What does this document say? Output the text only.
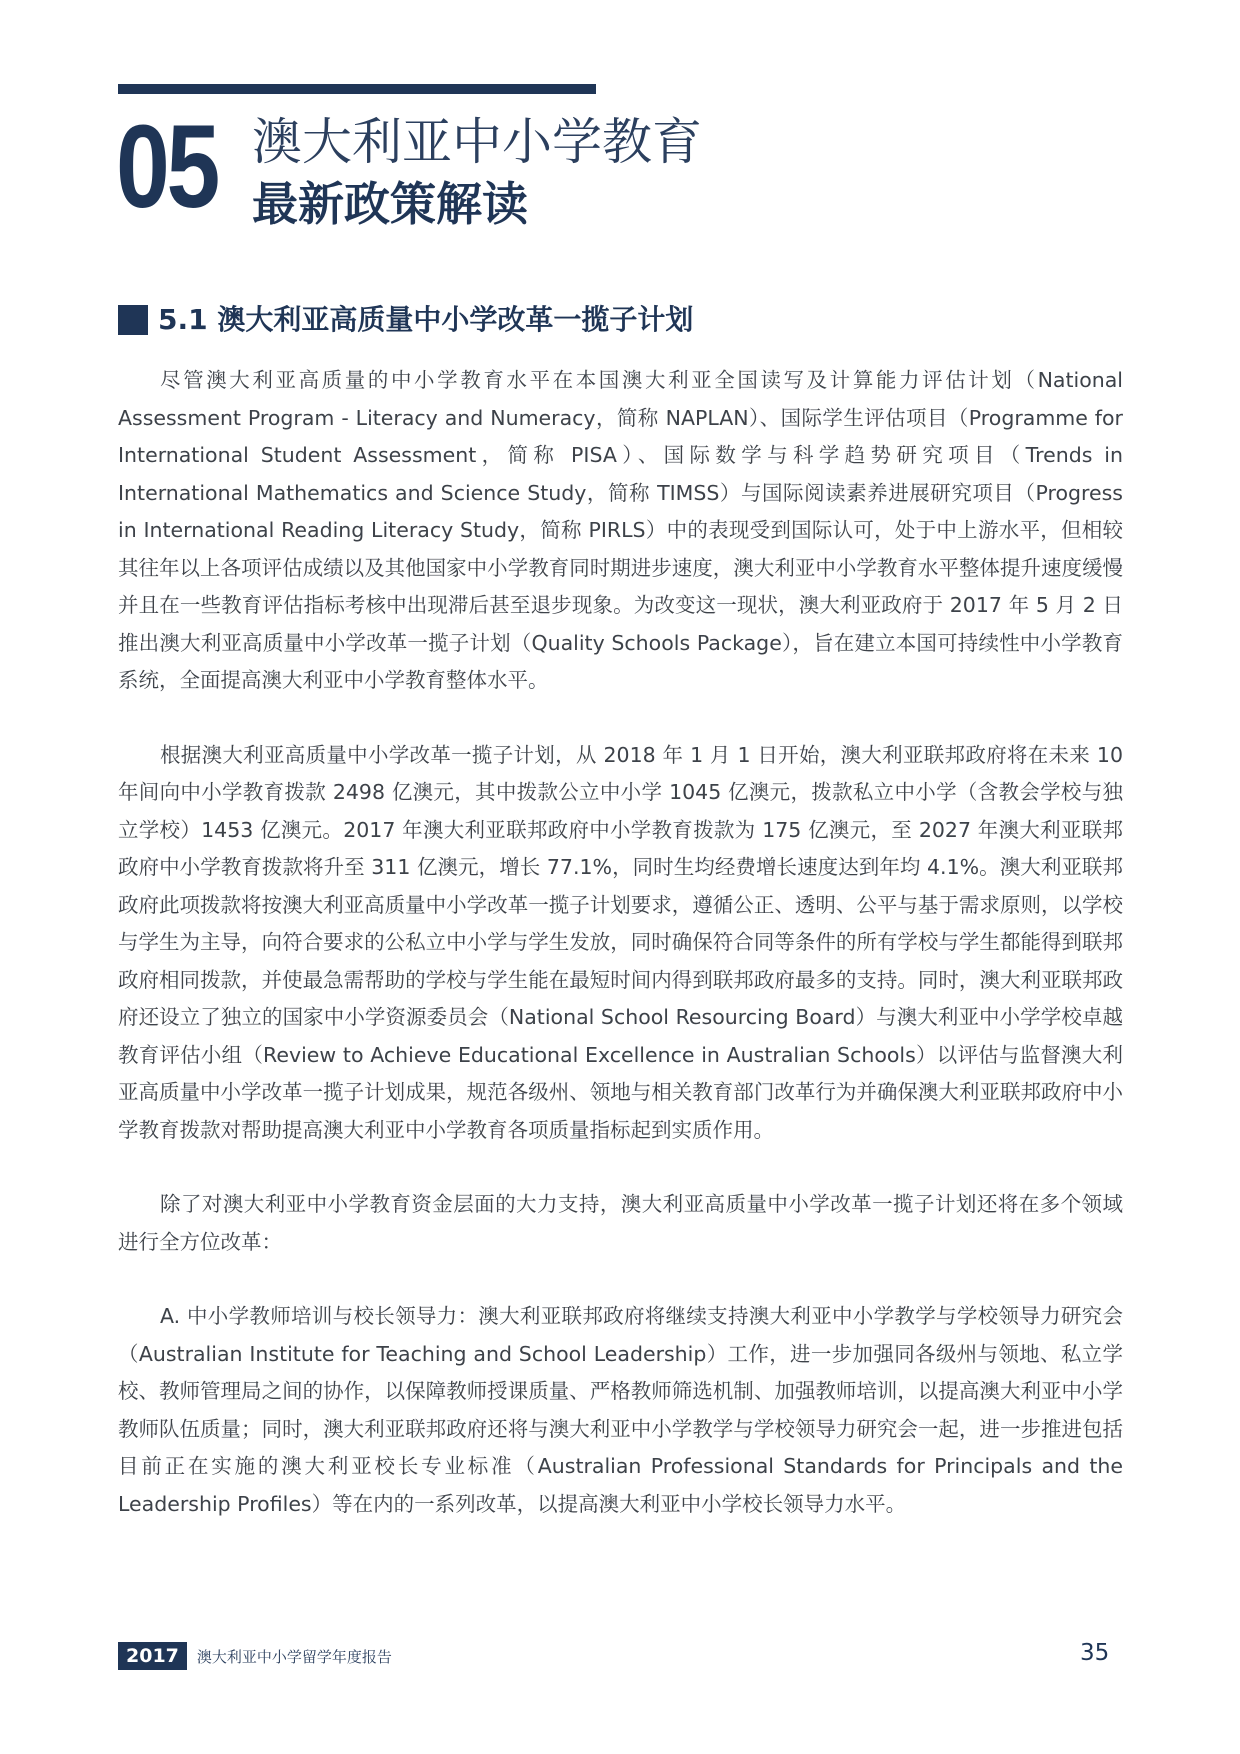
05 澳大利亚中小学教育
最新政策解读
5.1 澳大利亚高质量中小学改革一揽子计划

尽管澳大利亚高质量的中小学教育水平在本国澳大利亚全国读写及计算能力评估计划（National Assessment Program - Literacy and Numeracy，简称 NAPLAN）、国际学生评估项目（Programme for International Student Assessment，简称 PISA）、国际数学与科学趋势研究项目（Trends in International Mathematics and Science Study，简称 TIMSS）与国际阅读素养进展研究项目（Progress in International Reading Literacy Study，简称 PIRLS）中的表现受到国际认可，处于中上游水平，但相较其往年以上各项评估成绩以及其他国家中小学教育同时期进步速度，澳大利亚中小学教育水平整体提升速度缓慢并且在一些教育评估指标考核中出现滞后甚至退步现象。为改变这一现状，澳大利亚政府于 2017 年 5 月 2 日推出澳大利亚高质量中小学改革一揽子计划（Quality Schools Package），旨在建立本国可持续性中小学教育系统，全面提高澳大利亚中小学教育整体水平。

根据澳大利亚高质量中小学改革一揽子计划，从 2018 年 1 月 1 日开始，澳大利亚联邦政府将在未来 10 年间向中小学教育拨款 2498 亿澳元，其中拨款公立中小学 1045 亿澳元，拨款私立中小学（含教会学校与独立学校）1453 亿澳元。2017 年澳大利亚联邦政府中小学教育拨款为 175 亿澳元，至 2027 年澳大利亚联邦政府中小学教育拨款将升至 311 亿澳元，增长 77.1%，同时生均经费增长速度达到年均 4.1%。澳大利亚联邦政府此项拨款将按澳大利亚高质量中小学改革一揽子计划要求，遵循公正、透明、公平与基于需求原则，以学校与学生为主导，向符合要求的公私立中小学与学生发放，同时确保符合同等条件的所有学校与学生都能得到联邦政府相同拨款，并使最急需帮助的学校与学生能在最短时间内得到联邦政府最多的支持。同时，澳大利亚联邦政府还设立了独立的国家中小学资源委员会（National School Resourcing Board）与澳大利亚中小学学校卓越教育评估小组（Review to Achieve Educational Excellence in Australian Schools）以评估与监督澳大利亚高质量中小学改革一揽子计划成果，规范各级州、领地与相关教育部门改革行为并确保澳大利亚联邦政府中小学教育拨款对帮助提高澳大利亚中小学教育各项质量指标起到实质作用。

除了对澳大利亚中小学教育资金层面的大力支持，澳大利亚高质量中小学改革一揽子计划还将在多个领域进行全方位改革：

A. 中小学教师培训与校长领导力：澳大利亚联邦政府将继续支持澳大利亚中小学教学与学校领导力研究会（Australian Institute for Teaching and School Leadership）工作，进一步加强同各级州与领地、私立学校、教师管理局之间的协作，以保障教师授课质量、严格教师筛选机制、加强教师培训，以提高澳大利亚中小学教师队伍质量；同时，澳大利亚联邦政府还将与澳大利亚中小学教学与学校领导力研究会一起，进一步推进包括目前正在实施的澳大利亚校长专业标准（Australian Professional Standards for Principals and the Leadership Profiles）等在内的一系列改革，以提高澳大利亚中小学校长领导力水平。

2017	澳大利亚中小学留学年度报告	35
